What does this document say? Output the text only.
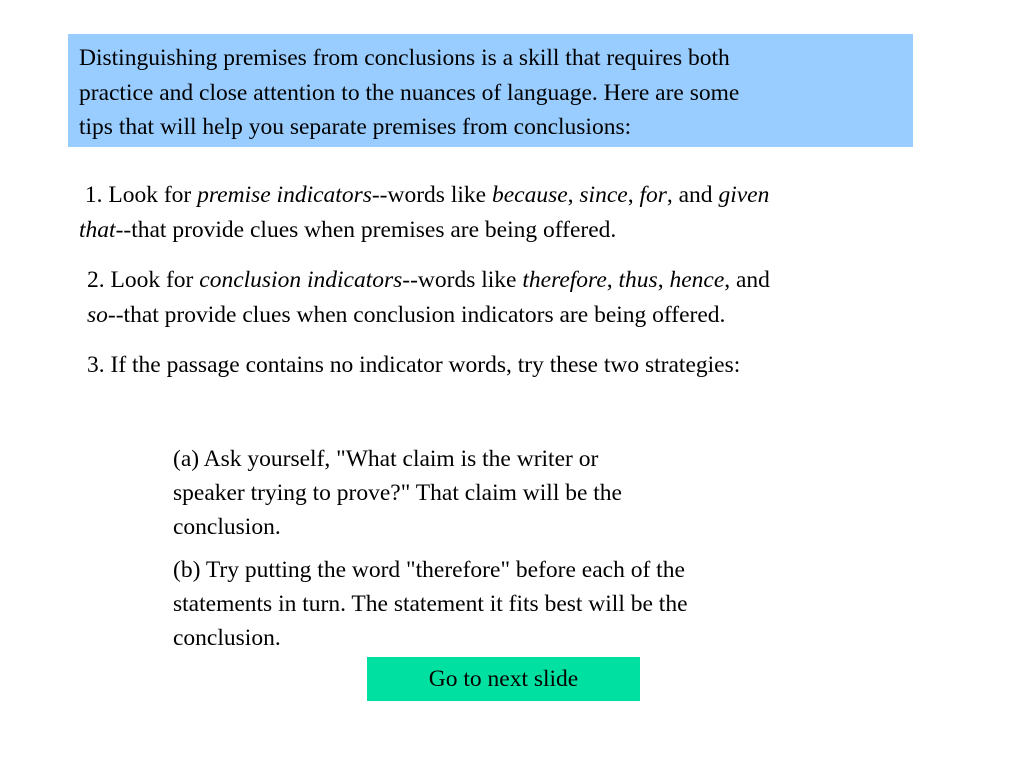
Distinguishing premises from conclusions is a skill that requires both
practice and close attention to the nuances of language. Here are some
tips that will help you separate premises from conclusions:
1. Look for premise indicators--words like because, since, for, and given
that--that provide clues when premises are being offered.
2. Look for conclusion indicators--words like therefore, thus, hence, and
so--that provide clues when conclusion indicators are being offered.
3. If the passage contains no indicator words, try these two strategies:
(a) Ask yourself, "What claim is the writer or
speaker trying to prove?" That claim will be the
conclusion.
(b) Try putting the word "therefore" before each of the
statements in turn. The statement it fits best will be the
conclusion.
Go to next slide
